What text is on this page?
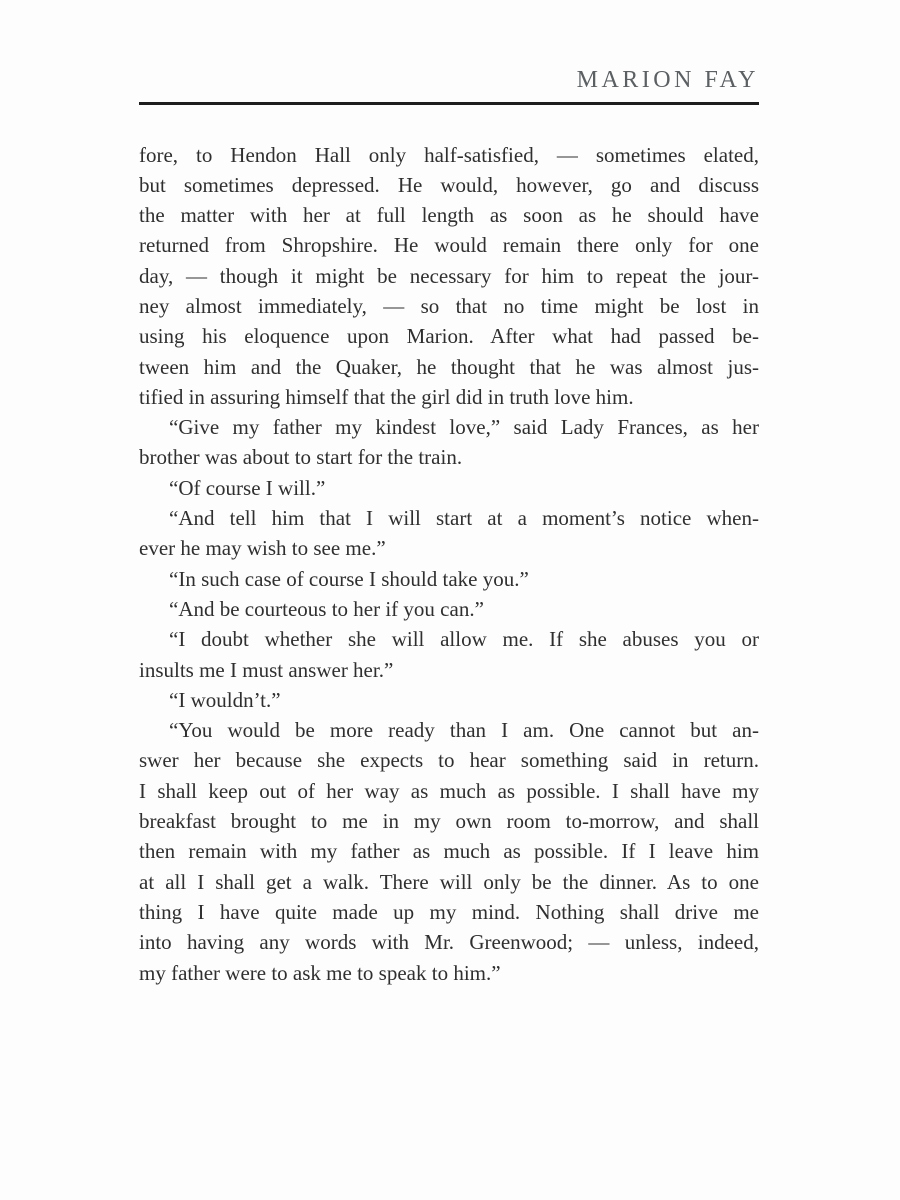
MARION FAY
fore, to Hendon Hall only half-satisfied, — sometimes elated,
but sometimes depressed. He would, however, go and discuss
the matter with her at full length as soon as he should have
returned from Shropshire. He would remain there only for one
day, — though it might be necessary for him to repeat the jour-
ney almost immediately, — so that no time might be lost in
using his eloquence upon Marion. After what had passed be-
tween him and the Quaker, he thought that he was almost jus-
tified in assuring himself that the girl did in truth love him.
“Give my father my kindest love,” said Lady Frances, as her
brother was about to start for the train.
“Of course I will.”
“And tell him that I will start at a moment’s notice when-
ever he may wish to see me.”
“In such case of course I should take you.”
“And be courteous to her if you can.”
“I doubt whether she will allow me. If she abuses you or
insults me I must answer her.”
“I wouldn’t.”
“You would be more ready than I am. One cannot but an-
swer her because she expects to hear something said in return.
I shall keep out of her way as much as possible. I shall have my
breakfast brought to me in my own room to-morrow, and shall
then remain with my father as much as possible. If I leave him
at all I shall get a walk. There will only be the dinner. As to one
thing I have quite made up my mind. Nothing shall drive me
into having any words with Mr. Greenwood; — unless, indeed,
my father were to ask me to speak to him.”
